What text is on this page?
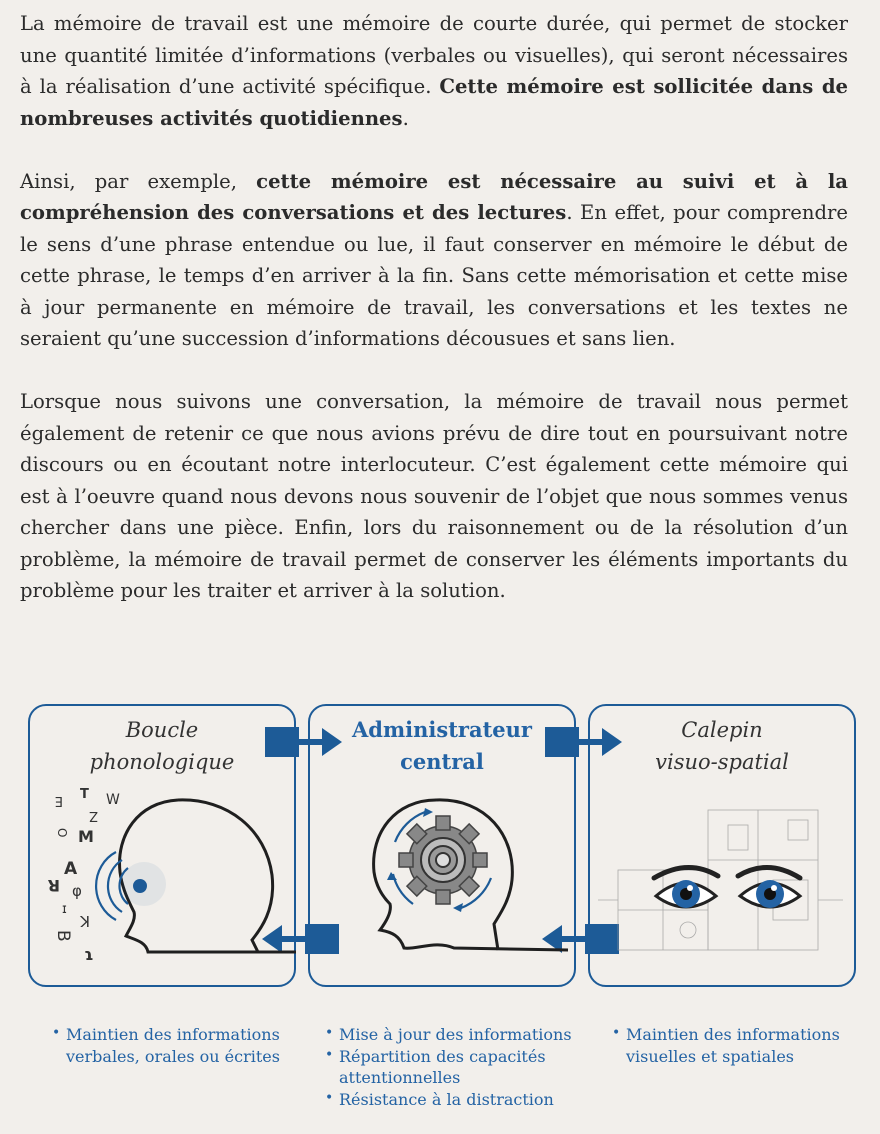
La mémoire de travail est une mémoire de courte durée, qui permet de stocker une quantité limitée d’informations (verbales ou visuelles), qui seront nécessaires à la réalisation d’une activité spécifique. Cette mémoire est sollicitée dans de nombreuses activités quotidiennes.

Ainsi, par exemple, cette mémoire est nécessaire au suivi et à la compréhension des conversations et des lectures. En effet, pour comprendre le sens d’une phrase entendue ou lue, il faut conserver en mémoire le début de cette phrase, le temps d’en arriver à la fin. Sans cette mémorisation et cette mise à jour permanente en mémoire de travail, les conversations et les textes ne seraient qu’une succession d’informations décousues et sans lien.

Lorsque nous suivons une conversation, la mémoire de travail nous permet également de retenir ce que nous avions prévu de dire tout en poursuivant notre discours ou en écoutant notre interlocuteur. C’est également cette mémoire qui est à l’oeuvre quand nous devons nous souvenir de l’objet que nous sommes venus chercher dans une pièce. Enfin, lors du raisonnement ou de la résolution d’un problème, la mémoire de travail permet de conserver les éléments importants du problème pour les traiter et arriver à la solution.

Boucle
phonologique
Administrateur
central
Calepin
visuo-spatial
E T W
Z
O M
A
R φ
ɪ
K
B
ɿ
• Maintien des informations verbales, orales ou écrites
• Mise à jour des informations
• Répartition des capacités attentionnelles
• Résistance à la distraction
• Maintien des informations visuelles et spatiales
